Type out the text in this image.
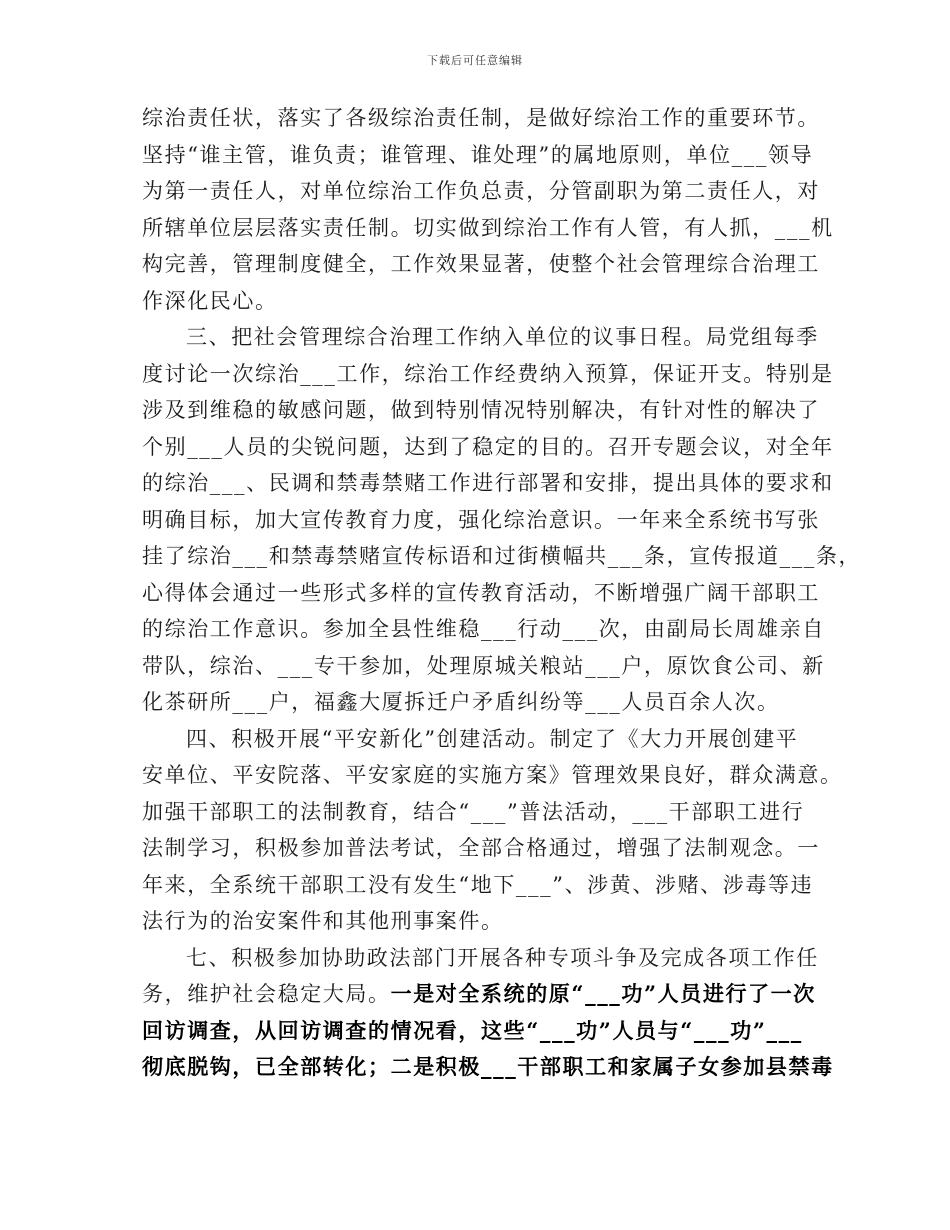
下载后可任意编辑
综治责任状，落实了各级综治责任制，是做好综治工作的重要环节。
坚持“谁主管，谁负责；谁管理、谁处理”的属地原则，单位___领导
为第一责任人，对单位综治工作负总责，分管副职为第二责任人，对
所辖单位层层落实责任制。切实做到综治工作有人管，有人抓，___机
构完善，管理制度健全，工作效果显著，使整个社会管理综合治理工
作深化民心。
三、把社会管理综合治理工作纳入单位的议事日程。局党组每季
度讨论一次综治___工作，综治工作经费纳入预算，保证开支。特别是
涉及到维稳的敏感问题，做到特别情况特别解决，有针对性的解决了
个别___人员的尖锐问题，达到了稳定的目的。召开专题会议，对全年
的综治___、民调和禁毒禁赌工作进行部署和安排，提出具体的要求和
明确目标，加大宣传教育力度，强化综治意识。一年来全系统书写张
挂了综治___和禁毒禁赌宣传标语和过街横幅共___条，宣传报道___条，
心得体会通过一些形式多样的宣传教育活动，不断增强广阔干部职工
的综治工作意识。参加全县性维稳___行动___次，由副局长周雄亲自
带队，综治、___专干参加，处理原城关粮站___户，原饮食公司、新
化茶研所___户，福鑫大厦拆迁户矛盾纠纷等___人员百余人次。
四、积极开展“平安新化”创建活动。制定了《大力开展创建平
安单位、平安院落、平安家庭的实施方案》管理效果良好，群众满意。
加强干部职工的法制教育，结合“___”普法活动，___干部职工进行
法制学习，积极参加普法考试，全部合格通过，增强了法制观念。一
年来，全系统干部职工没有发生“地下___”、涉黄、涉赌、涉毒等违
法行为的治安案件和其他刑事案件。
七、积极参加协助政法部门开展各种专项斗争及完成各项工作任
务，维护社会稳定大局。一是对全系统的原“___功”人员进行了一次
回访调查，从回访调查的情况看，这些“___功”人员与“___功”___
彻底脱钩，已全部转化；二是积极___干部职工和家属子女参加县禁毒
